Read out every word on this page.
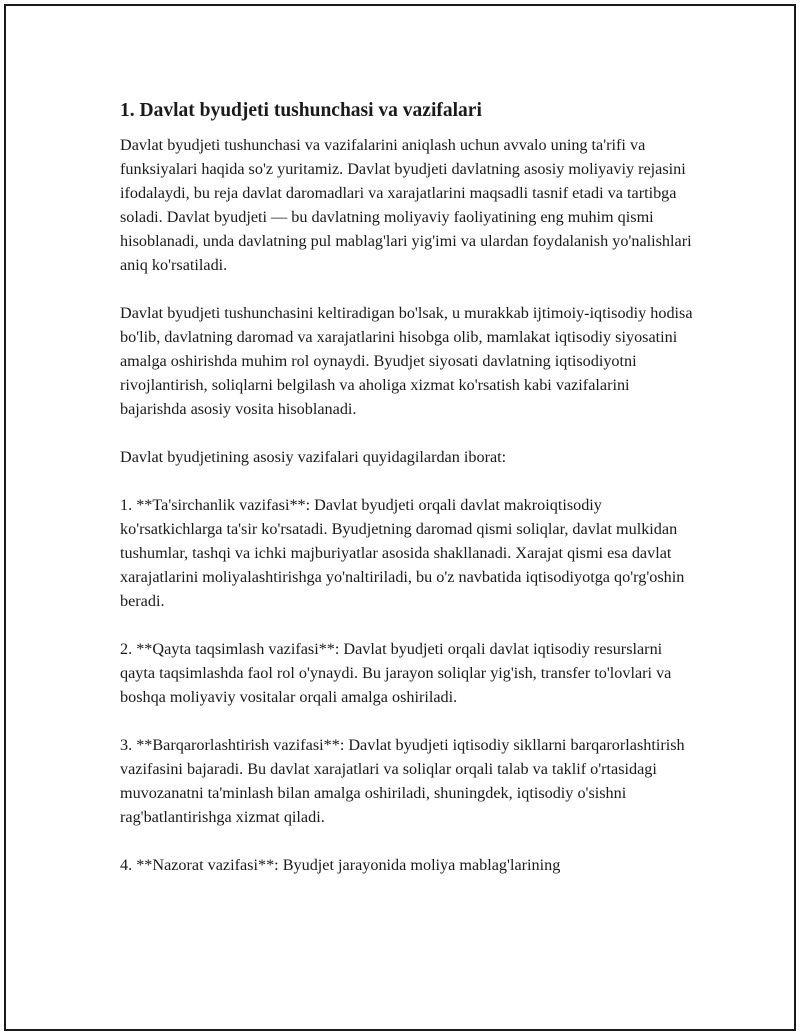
1. Davlat byudjeti tushunchasi va vazifalari

Davlat byudjeti tushunchasi va vazifalarini aniqlash uchun avvalo uning ta'rifi va funksiyalari haqida so'z yuritamiz. Davlat byudjeti davlatning asosiy moliyaviy rejasini ifodalaydi, bu reja davlat daromadlari va xarajatlarini maqsadli tasnif etadi va tartibga soladi. Davlat byudjeti — bu davlatning moliyaviy faoliyatining eng muhim qismi hisoblanadi, unda davlatning pul mablag'lari yig'imi va ulardan foydalanish yo'nalishlari aniq ko'rsatiladi.

Davlat byudjeti tushunchasini keltiradigan bo'lsak, u murakkab ijtimoiy-iqtisodiy hodisa bo'lib, davlatning daromad va xarajatlarini hisobga olib, mamlakat iqtisodiy siyosatini amalga oshirishda muhim rol oynaydi. Byudjet siyosati davlatning iqtisodiyotni rivojlantirish, soliqlarni belgilash va aholiga xizmat ko'rsatish kabi vazifalarini bajarishda asosiy vosita hisoblanadi.

Davlat byudjetining asosiy vazifalari quyidagilardan iborat:

1. **Ta'sirchanlik vazifasi**: Davlat byudjeti orqali davlat makroiqtisodiy ko'rsatkichlarga ta'sir ko'rsatadi. Byudjetning daromad qismi soliqlar, davlat mulkidan tushumlar, tashqi va ichki majburiyatlar asosida shakllanadi. Xarajat qismi esa davlat xarajatlarini moliyalashtirishga yo'naltiriladi, bu o'z navbatida iqtisodiyotga qo'rg'oshin beradi.

2. **Qayta taqsimlash vazifasi**: Davlat byudjeti orqali davlat iqtisodiy resurslarni qayta taqsimlashda faol rol o'ynaydi. Bu jarayon soliqlar yig'ish, transfer to'lovlari va boshqa moliyaviy vositalar orqali amalga oshiriladi.

3. **Barqarorlashtirish vazifasi**: Davlat byudjeti iqtisodiy sikllarni barqarorlashtirish vazifasini bajaradi. Bu davlat xarajatlari va soliqlar orqali talab va taklif o'rtasidagi muvozanatni ta'minlash bilan amalga oshiriladi, shuningdek, iqtisodiy o'sishni rag'batlantirishga xizmat qiladi.

4. **Nazorat vazifasi**: Byudjet jarayonida moliya mablag'larining
